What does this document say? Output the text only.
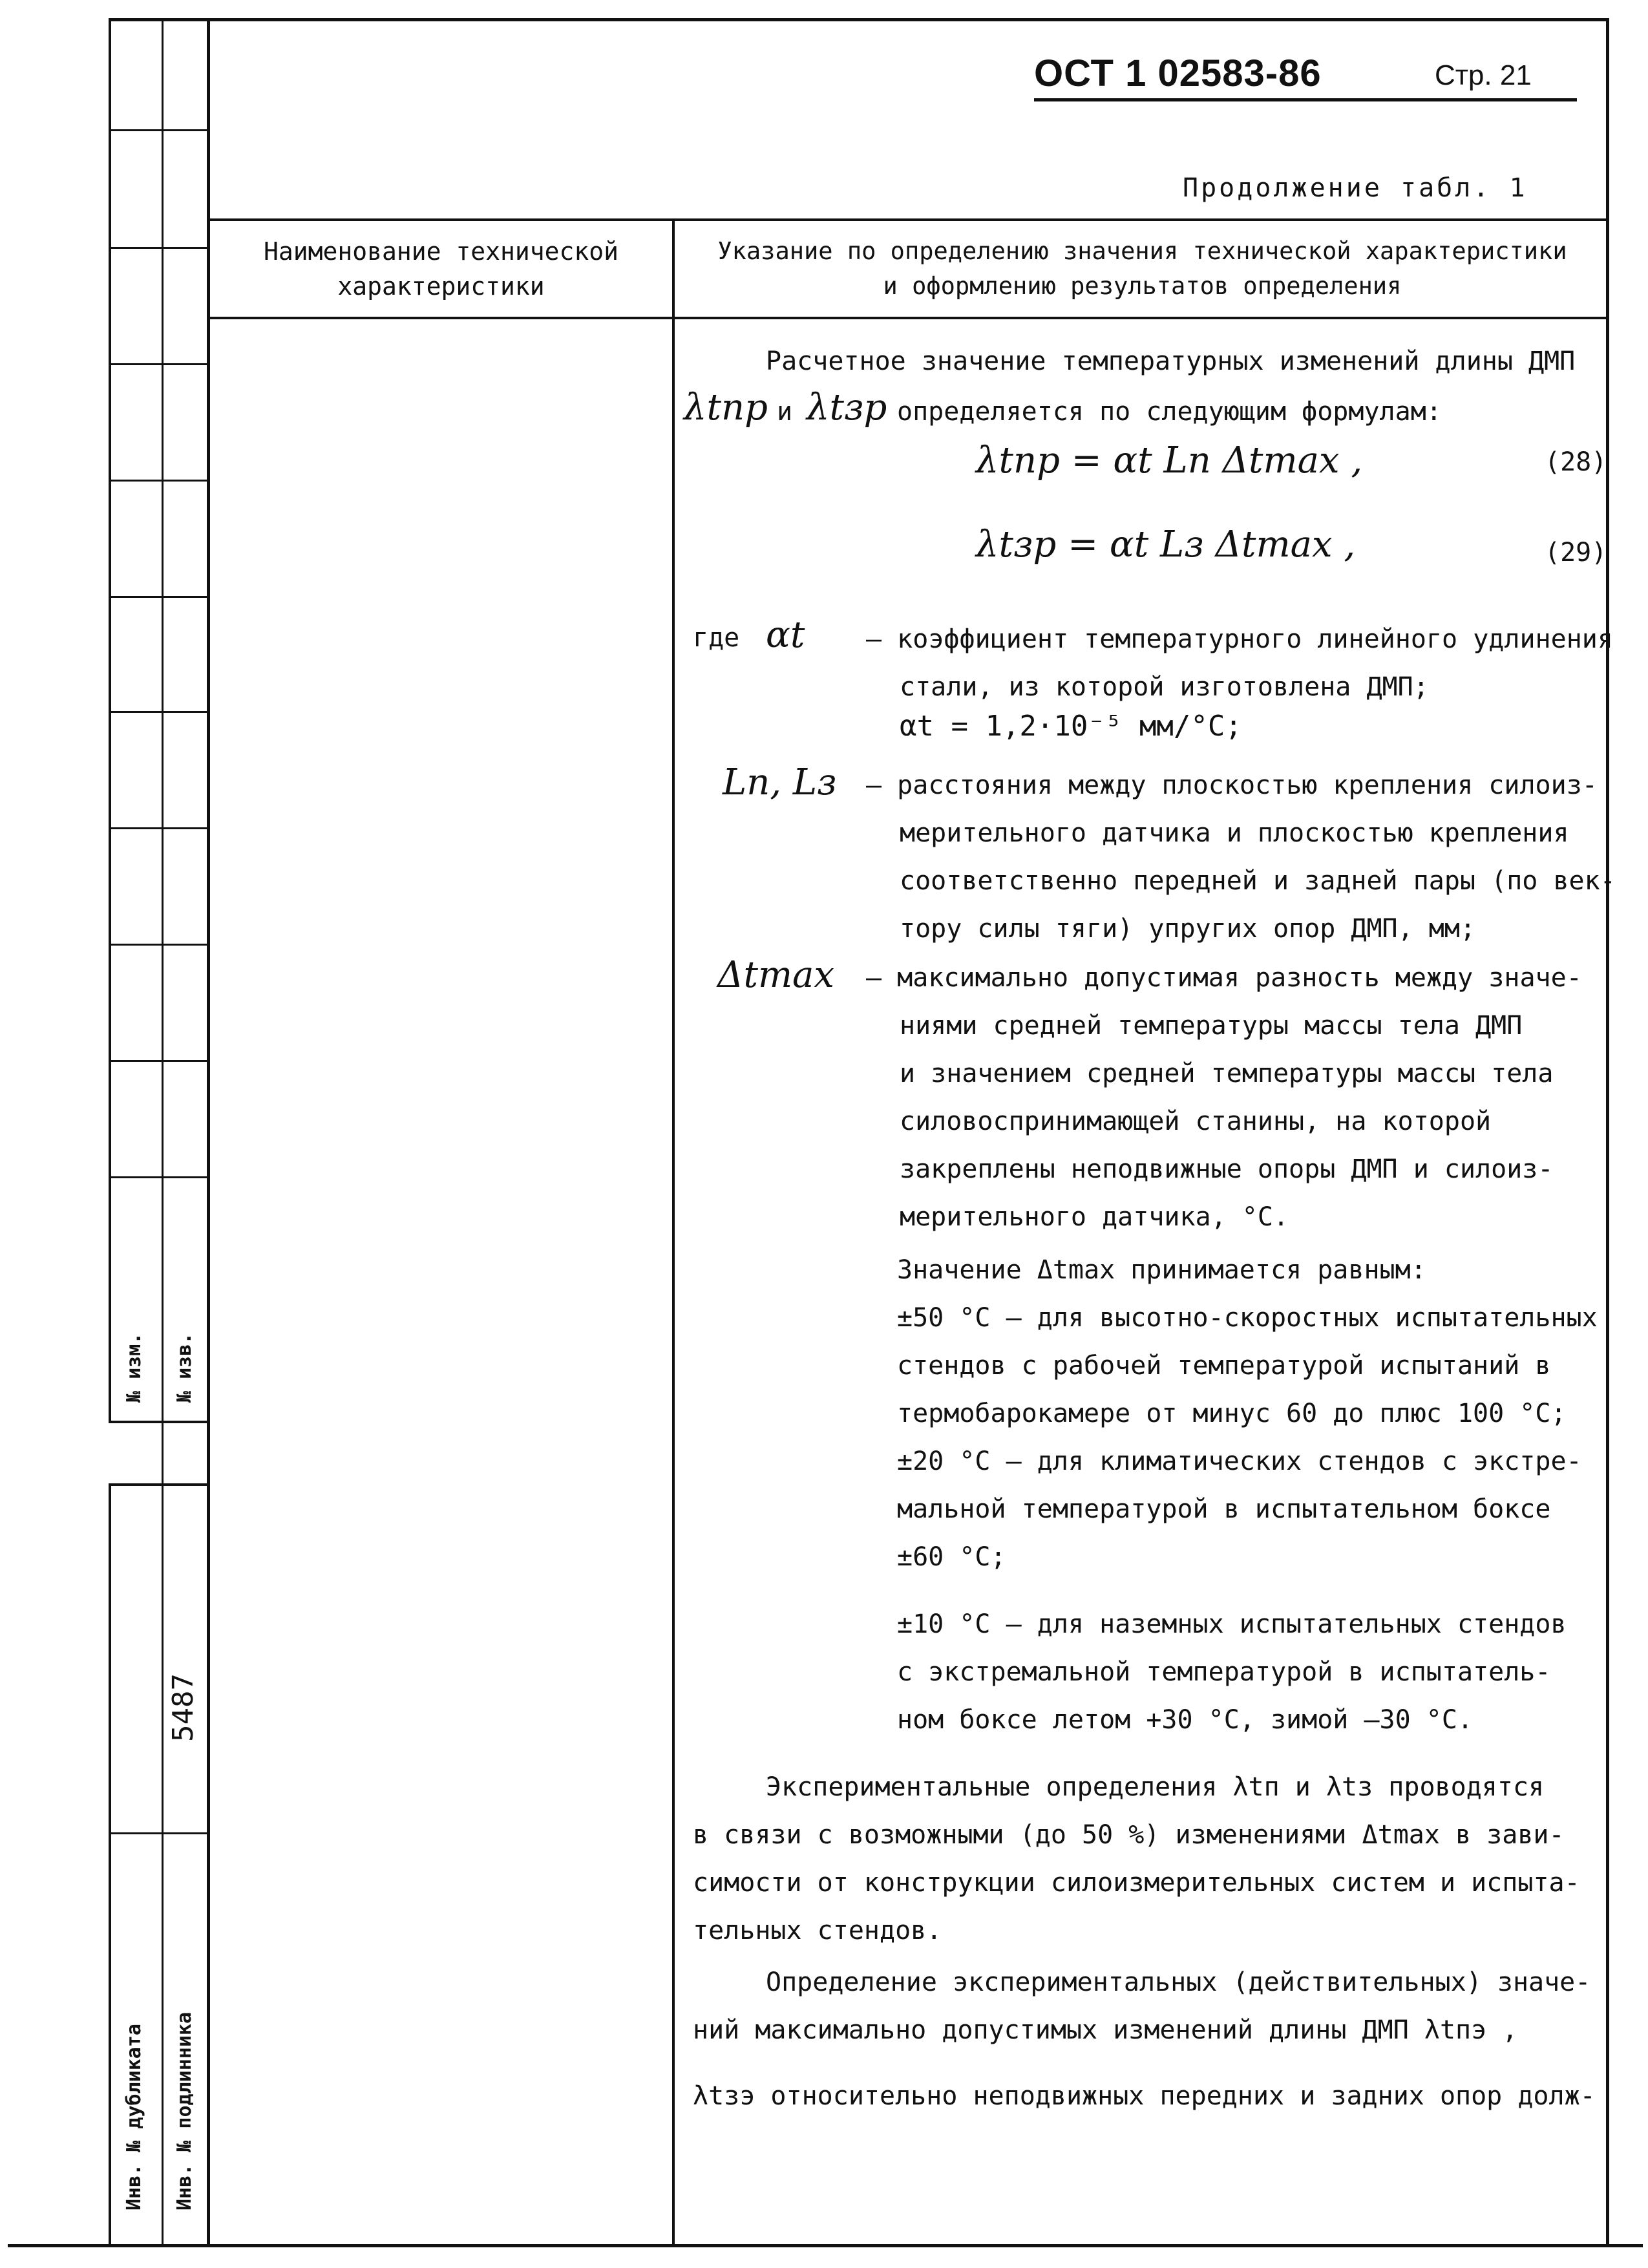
№ изм. № изв.
Инв. № дубликата Инв. № подлинника
5487
ОСТ 1 02583-86	Стр. 21
Продолжение табл. 1
Наименование технической
характеристики
Указание по определению значения технической характеристики
и оформлению результатов определения
Расчетное значение температурных изменений длины ДМП
λtпр и λtзр определяется по следующим формулам:
λtпр = αt Lп Δtmax ,	(28)
λtзр = αt Lз Δtmax ,	(29)
где αt – коэффициент температурного линейного удлинения
стали, из которой изготовлена ДМП;
αt = 1,2·10⁻⁵ мм/°С;
Lп, Lз – расстояния между плоскостью крепления силоиз-
мерительного датчика и плоскостью крепления
соответственно передней и задней пары (по век-
тору силы тяги) упругих опор ДМП, мм;
Δtmax – максимально допустимая разность между значе-
ниями средней температуры массы тела ДМП
и значением средней температуры массы тела
силовоспринимающей станины, на которой
закреплены неподвижные опоры ДМП и силоиз-
мерительного датчика, °С.
Значение Δtmax принимается равным:
±50 °С – для высотно-скоростных испытательных
стендов с рабочей температурой испытаний в
термобарокамере от минус 60 до плюс 100 °С;
±20 °С – для климатических стендов с экстре-
мальной температурой в испытательном боксе
±60 °С;
±10 °С – для наземных испытательных стендов
с экстремальной температурой в испытатель-
ном боксе летом +30 °С, зимой –30 °С.
Экспериментальные определения λtп и λtз проводятся
в связи с возможными (до 50 %) изменениями Δtmax в зави-
симости от конструкции силоизмерительных систем и испыта-
тельных стендов.
Определение экспериментальных (действительных) значе-
ний максимально допустимых изменений длины ДМП λtпэ ,
λtзэ относительно неподвижных передних и задних опор долж-
